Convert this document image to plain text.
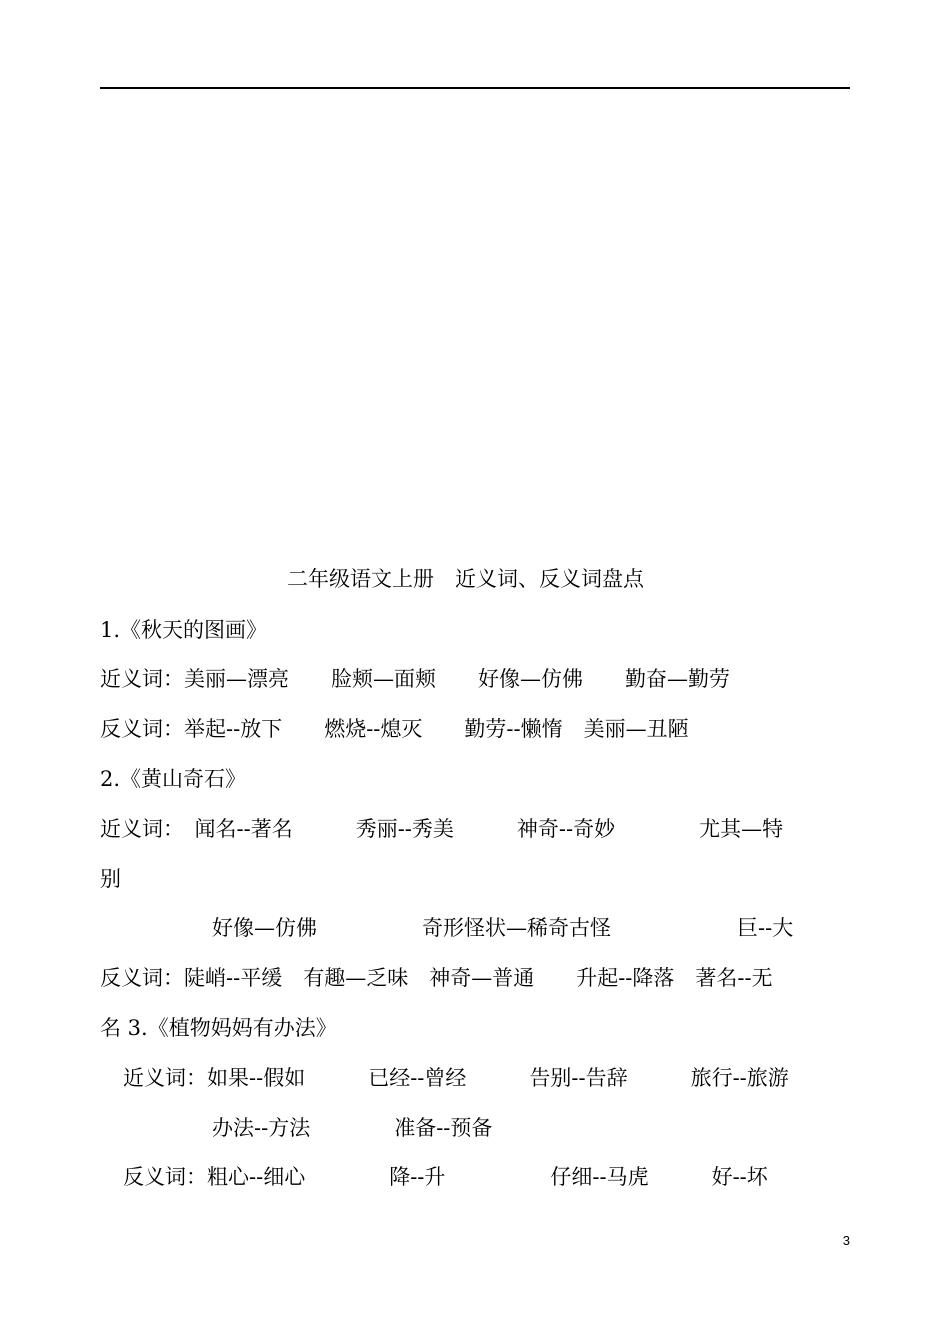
二年级语文上册　近义词、反义词盘点
1.《秋天的图画》
近义词：美丽—漂亮　　脸颊—面颊　　好像—仿佛　　勤奋—勤劳
反义词：举起--放下　　燃烧--熄灭　　勤劳--懒惰　美丽—丑陋
2.《黄山奇石》
近义词：　闻名--著名　　　秀丽--秀美　　　神奇--奇妙　　　　尤其—特
别
好像—仿佛　　　　　奇形怪状—稀奇古怪　　　　　　巨--大
反义词：陡峭--平缓　有趣—乏味　神奇—普通　　升起--降落　著名--无
名 3.《植物妈妈有办法》
近义词：如果--假如　　　已经--曾经　　　告别--告辞　　　旅行--旅游
办法--方法　　　　准备--预备
反义词：粗心--细心　　　　降--升　　　　　仔细--马虎　　　好--坏
3
